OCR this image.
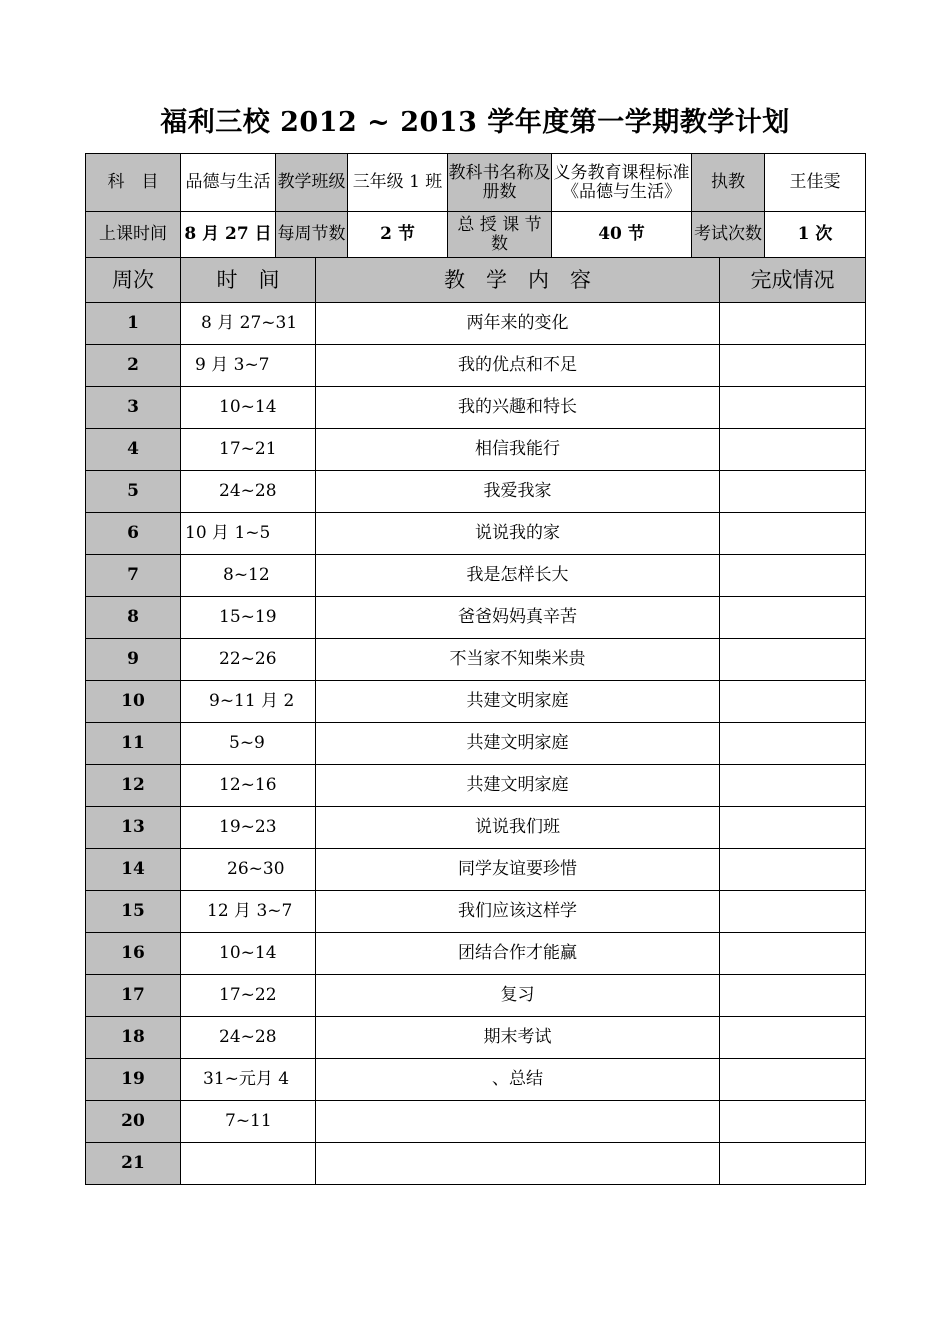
福利三校 2012 ~ 2013 学年度第一学期教学计划
科　目	品德与生活	教学班级	三年级 1 班	教科书名称及册数	义务教育课程标准《品德与生活》	执教	王佳雯
上课时间	8 月 27 日	每周节数	2 节	总 授 课 节　数	40 节	考试次数	1 次
周次	时　间	教　学　内　容	完成情况
1	8 月 27~31	两年来的变化	
2	9 月 3~7	我的优点和不足	
3	10~14	我的兴趣和特长	
4	17~21	相信我能行	
5	24~28	我爱我家	
6	10 月 1~5	说说我的家	
7	8~12	我是怎样长大	
8	15~19	爸爸妈妈真辛苦	
9	22~26	不当家不知柴米贵	
10	9~11 月 2	共建文明家庭	
11	5~9	共建文明家庭	
12	12~16	共建文明家庭	
13	19~23	说说我们班	
14	26~30	同学友谊要珍惜	
15	12 月 3~7	我们应该这样学	
16	10~14	团结合作才能赢	
17	17~22	复习	
18	24~28	期末考试	
19	31~元月 4	、总结	
20	7~11		
21			
